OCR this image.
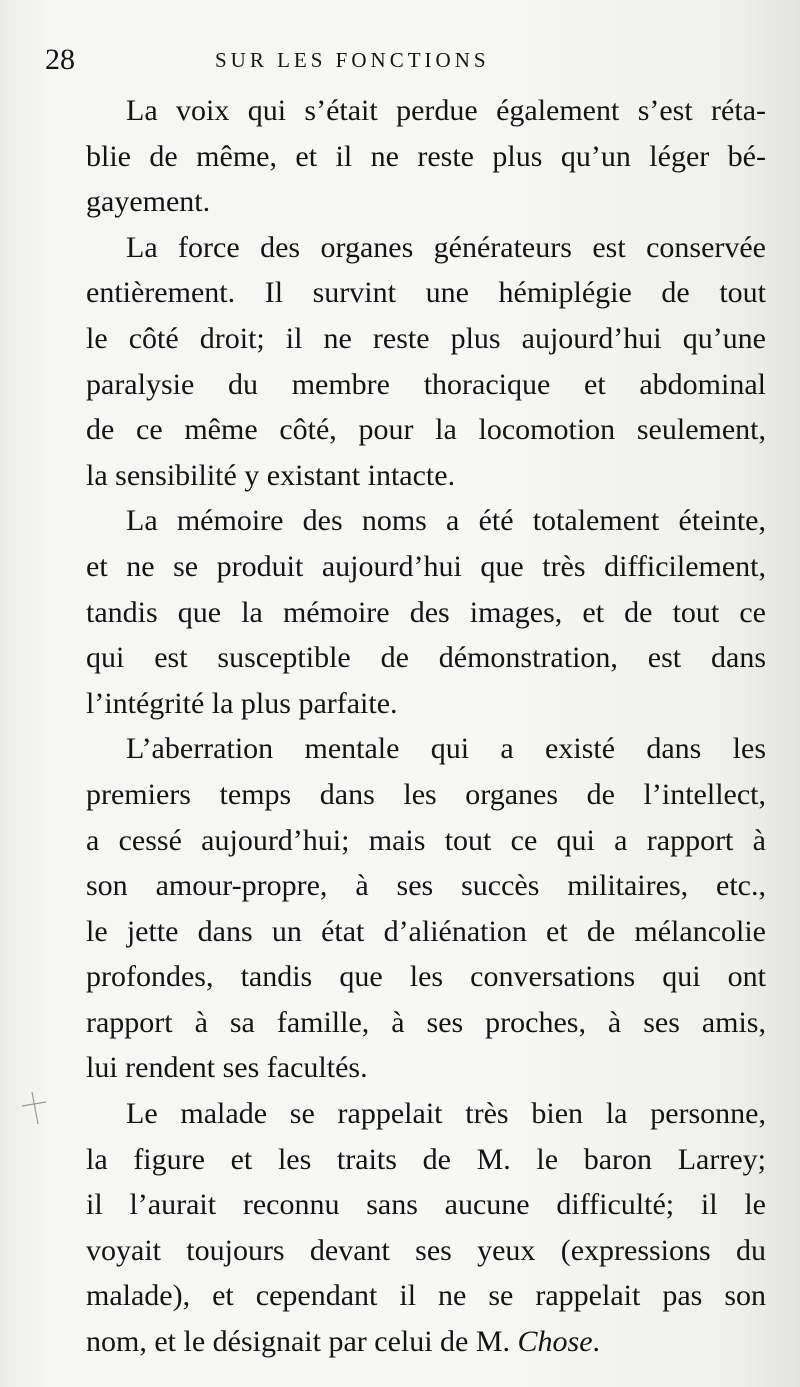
28	SUR LES FONCTIONS

La voix qui s’était perdue également s’est réta-
blie de même, et il ne reste plus qu’un léger bé-
gayement.

La force des organes générateurs est conservée
entièrement. Il survint une hémiplégie de tout
le côté droit; il ne reste plus aujourd’hui qu’une
paralysie du membre thoracique et abdominal
de ce même côté, pour la locomotion seulement,
la sensibilité y existant intacte.

La mémoire des noms a été totalement éteinte,
et ne se produit aujourd’hui que très difficilement,
tandis que la mémoire des images, et de tout ce
qui est susceptible de démonstration, est dans
l’intégrité la plus parfaite.

L’aberration mentale qui a existé dans les
premiers temps dans les organes de l’intellect,
a cessé aujourd’hui; mais tout ce qui a rapport à
son amour-propre, à ses succès militaires, etc.,
le jette dans un état d’aliénation et de mélancolie
profondes, tandis que les conversations qui ont
rapport à sa famille, à ses proches, à ses amis,
lui rendent ses facultés.

Le malade se rappelait très bien la personne,
la figure et les traits de M. le baron Larrey;
il l’aurait reconnu sans aucune difficulté; il le
voyait toujours devant ses yeux (expressions du
malade), et cependant il ne se rappelait pas son
nom, et le désignait par celui de M. Chose.
